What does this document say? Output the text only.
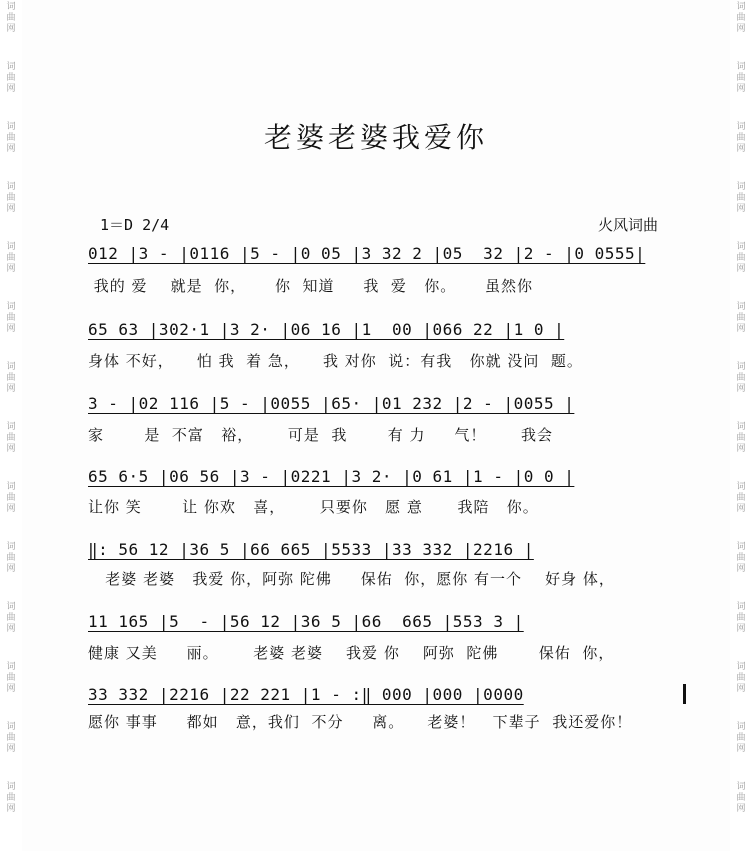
词
曲
网
词
曲
网
词
曲
网
词
曲
网
词
曲
网
词
曲
网
词
曲
网
词
曲
网
词
曲
网
词
曲
网
词
曲
网
词
曲
网
词
曲
网
词
曲
网
词
曲
网
词
曲
网
词
曲
网
词
曲
网
词
曲
网
词
曲
网
词
曲
网
词
曲
网
词
曲
网
词
曲
网
词
曲
网
词
曲
网
词
曲
网
词
曲
网
老婆老婆我爱你
1＝D 2/4	火风词曲
012 |3 - |0116 |5 - |0 05 |3 32 2 |05  32 |2 - |0 0555|
我的 爱    就是  你，     你  知道     我  爱   你。     虽然你
65 63 |302·1 |3 2· |06 16 |1  00 |066 22 |1 0 |
身体 不好，    怕 我  着 急，    我 对你  说：有我   你就 没问  题。
3 - |02 116 |5 - |0055 |65· |01 232 |2 - |0055 |
家       是  不富   裕，      可是  我       有 力     气！      我会
65 6·5 |06 56 |3 - |0221 |3 2· |0 61 |1 - |0 0 |
让你 笑       让 你欢   喜，      只要你   愿 意      我陪   你。
‖: 56 12 |36 5 |66 665 |5533 |33 332 |2216 |
老婆 老婆   我爱 你，阿弥 陀佛     保佑  你，愿你 有一个    好身 体，
11 165 |5  - |56 12 |36 5 |66  665 |553 3 |
健康 又美     丽。      老婆 老婆    我爱 你    阿弥  陀佛       保佑  你，
33 332 |2216 |22 221 |1 - :‖ 000 |000 |0000
愿你 事事     都如   意，我们  不分     离。    老婆！   下辈子  我还爱你！
